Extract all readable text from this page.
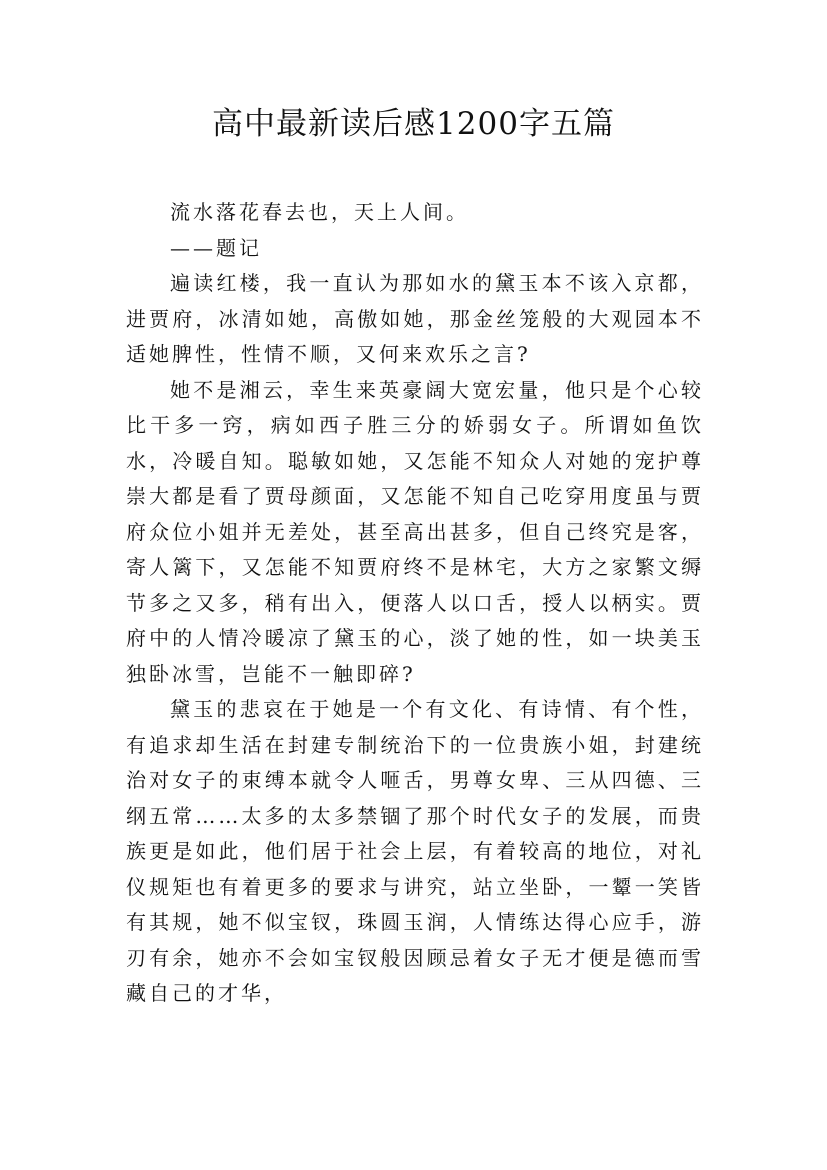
高中最新读后感1200字五篇

流水落花春去也，天上人间。

——题记

遍读红楼，我一直认为那如水的黛玉本不该入京都，进贾府，冰清如她，高傲如她，那金丝笼般的大观园本不适她脾性，性情不顺，又何来欢乐之言?

她不是湘云，幸生来英豪阔大宽宏量，他只是个心较比干多一窍，病如西子胜三分的娇弱女子。所谓如鱼饮水，冷暖自知。聪敏如她，又怎能不知众人对她的宠护尊崇大都是看了贾母颜面，又怎能不知自己吃穿用度虽与贾府众位小姐并无差处，甚至高出甚多，但自己终究是客，寄人篱下，又怎能不知贾府终不是林宅，大方之家繁文缛节多之又多，稍有出入，便落人以口舌，授人以柄实。贾府中的人情冷暖凉了黛玉的心，淡了她的性，如一块美玉独卧冰雪，岂能不一触即碎?

黛玉的悲哀在于她是一个有文化、有诗情、有个性，有追求却生活在封建专制统治下的一位贵族小姐，封建统治对女子的束缚本就令人咂舌，男尊女卑、三从四德、三纲五常……太多的太多禁锢了那个时代女子的发展，而贵族更是如此，他们居于社会上层，有着较高的地位，对礼仪规矩也有着更多的要求与讲究，站立坐卧，一颦一笑皆有其规，她不似宝钗，珠圆玉润，人情练达得心应手，游刃有余，她亦不会如宝钗般因顾忌着女子无才便是德而雪藏自己的才华，
